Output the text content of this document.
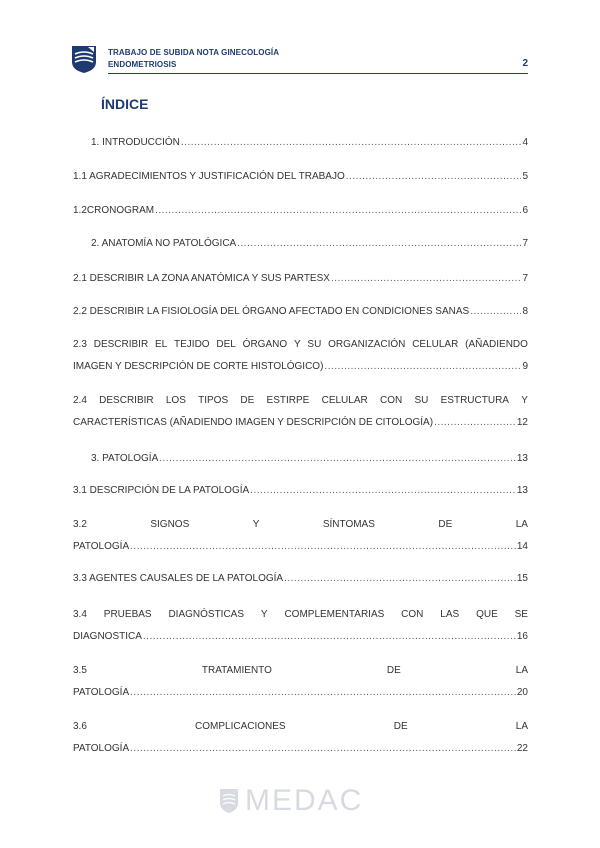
TRABAJO DE SUBIDA NOTA GINECOLOGÍA
ENDOMETRIOSIS	2
ÍNDICE
1. INTRODUCCIÓN .....	4
1.1 AGRADECIMIENTOS Y JUSTIFICACIÓN DEL TRABAJO .....	5
1.2CRONOGRAM .....	6
2. ANATOMÍA NO PATOLÓGICA .....	7
2.1 DESCRIBIR LA ZONA ANATÓMICA Y SUS PARTESX .....	7
2.2 DESCRIBIR LA FISIOLOGÍA DEL ÓRGANO AFECTADO EN CONDICIONES SANAS .....	8
2.3 DESCRIBIR EL TEJIDO DEL ÓRGANO Y SU ORGANIZACIÓN CELULAR (AÑADIENDO
IMAGEN Y DESCRIPCIÓN DE CORTE HISTOLÓGICO) .....	9
2.4 DESCRIBIR LOS TIPOS DE ESTIRPE CELULAR CON SU ESTRUCTURA Y
CARACTERÍSTICAS (AÑADIENDO IMAGEN Y DESCRIPCIÓN DE CITOLOGÍA) .....	12
3. PATOLOGÍA .....	13
3.1 DESCRIPCIÓN DE LA PATOLOGÍA .....	13
3.2	SIGNOS	Y	SÍNTOMAS	DE	LA
PATOLOGÍA .....	14
3.3 AGENTES CAUSALES DE LA PATOLOGÍA .....	15
3.4 PRUEBAS DIAGNÓSTICAS Y COMPLEMENTARIAS CON LAS QUE SE
DIAGNOSTICA .....	16
3.5	TRATAMIENTO	DE	LA
PATOLOGÍA .....	20
3.6	COMPLICACIONES	DE	LA
PATOLOGÍA .....	22
MEDAC
